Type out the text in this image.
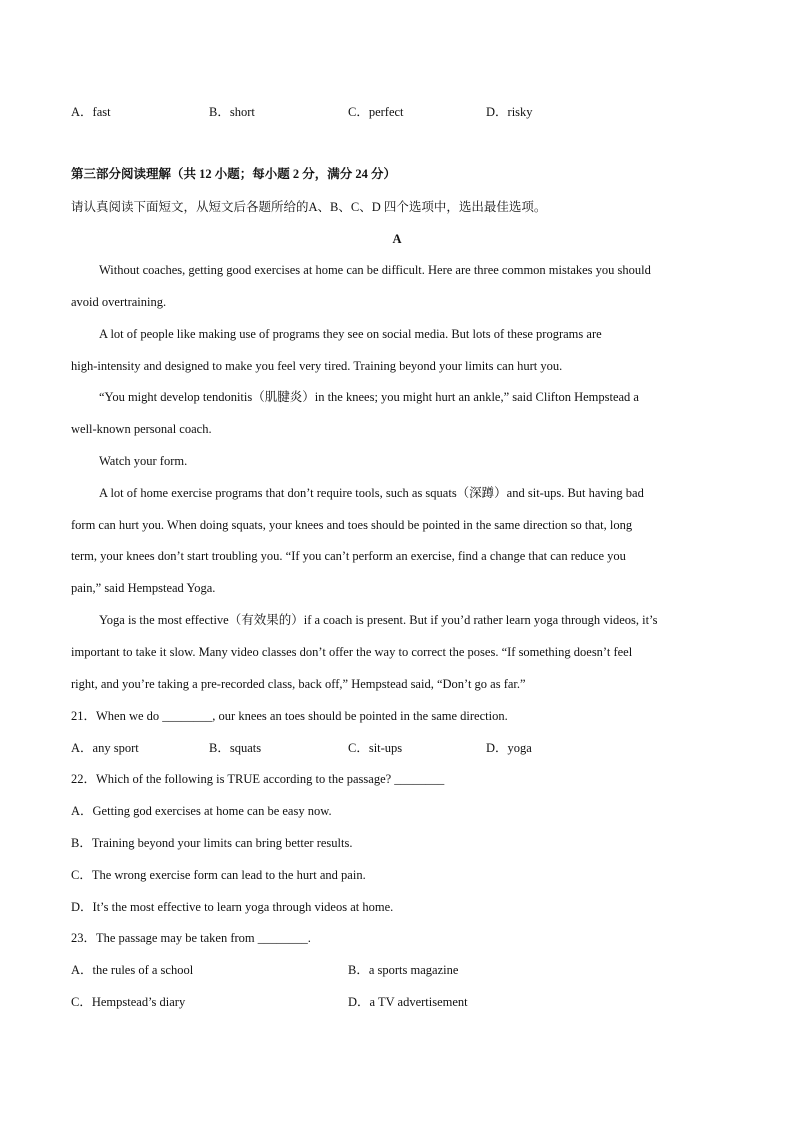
A．fast	B．short	C．perfect	D．risky
第三部分阅读理解（共 12 小题；每小题 2 分，满分 24 分）
请认真阅读下面短文，从短文后各题所给的A、B、C、D 四个选项中，选出最佳选项。
A
Without coaches, getting good exercises at home can be difficult. Here are three common mistakes you should
avoid overtraining.
A lot of people like making use of programs they see on social media. But lots of these programs are
high-intensity and designed to make you feel very tired. Training beyond your limits can hurt you.
“You might develop tendonitis（肌腱炎）in the knees; you might hurt an ankle,” said Clifton Hempstead a
well-known personal coach.
Watch your form.
A lot of home exercise programs that don’t require tools, such as squats（深蹲）and sit-ups. But having bad
form can hurt you. When doing squats, your knees and toes should be pointed in the same direction so that, long
term, your knees don’t start troubling you. “If you can’t perform an exercise, find a change that can reduce you
pain,” said Hempstead Yoga.
Yoga is the most effective（有效果的）if a coach is present. But if you’d rather learn yoga through videos, it’s
important to take it slow. Many video classes don’t offer the way to correct the poses. “If something doesn’t feel
right, and you’re taking a pre-recorded class, back off,” Hempstead said, “Don’t go as far.”
21．When we do ________, our knees an toes should be pointed in the same direction.
A．any sport	B．squats	C．sit-ups	D．yoga
22．Which of the following is TRUE according to the passage? ________
A．Getting god exercises at home can be easy now.
B．Training beyond your limits can bring better results.
C．The wrong exercise form can lead to the hurt and pain.
D．It’s the most effective to learn yoga through videos at home.
23．The passage may be taken from ________.
A．the rules of a school	B．a sports magazine
C．Hempstead’s diary	D．a TV advertisement
